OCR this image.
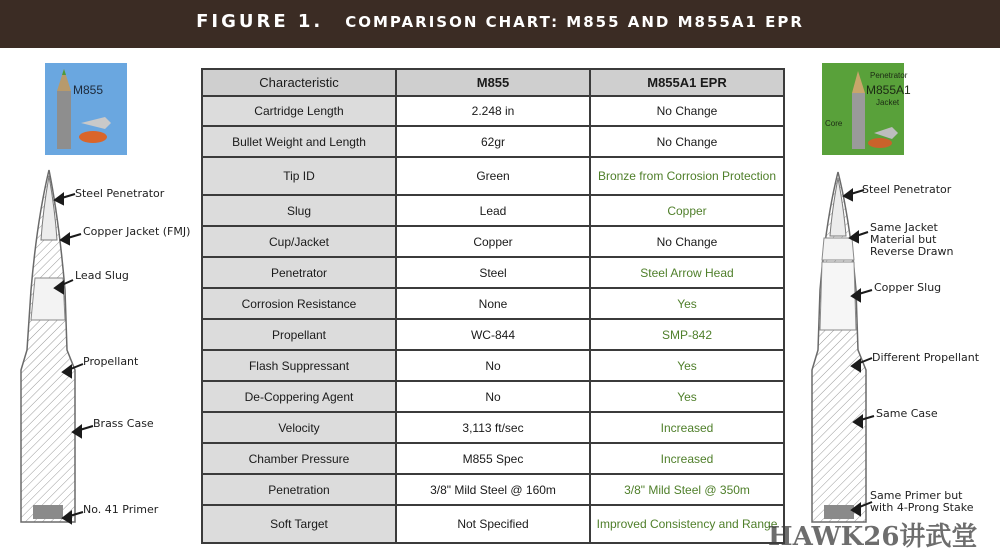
FIGURE 1. COMPARISON CHART: M855 AND M855A1 EPR
M855	M855A1
Penetrator
Jacket
Core
Steel Penetrator
Copper Jacket (FMJ)
Lead Slug
Propellant
Brass Case
No. 41 Primer
Characteristic	M855	M855A1 EPR
Cartridge Length	2.248 in	No Change
Bullet Weight and Length	62gr	No Change
Tip ID	Green	Bronze from Corrosion Protection
Slug	Lead	Copper
Cup/Jacket	Copper	No Change
Penetrator	Steel	Steel Arrow Head
Corrosion Resistance	None	Yes
Propellant	WC-844	SMP-842
Flash Suppressant	No	Yes
De-Coppering Agent	No	Yes
Velocity	3,113 ft/sec	Increased
Chamber Pressure	M855 Spec	Increased
Penetration	3/8" Mild Steel @ 160m	3/8" Mild Steel @ 350m
Soft Target	Not Specified	Improved Consistency and Range
Steel Penetrator
Same Jacket Material but Reverse Drawn
Copper Slug
Different Propellant
Same Case
Same Primer but with 4-Prong Stake
HAWK26讲武堂
